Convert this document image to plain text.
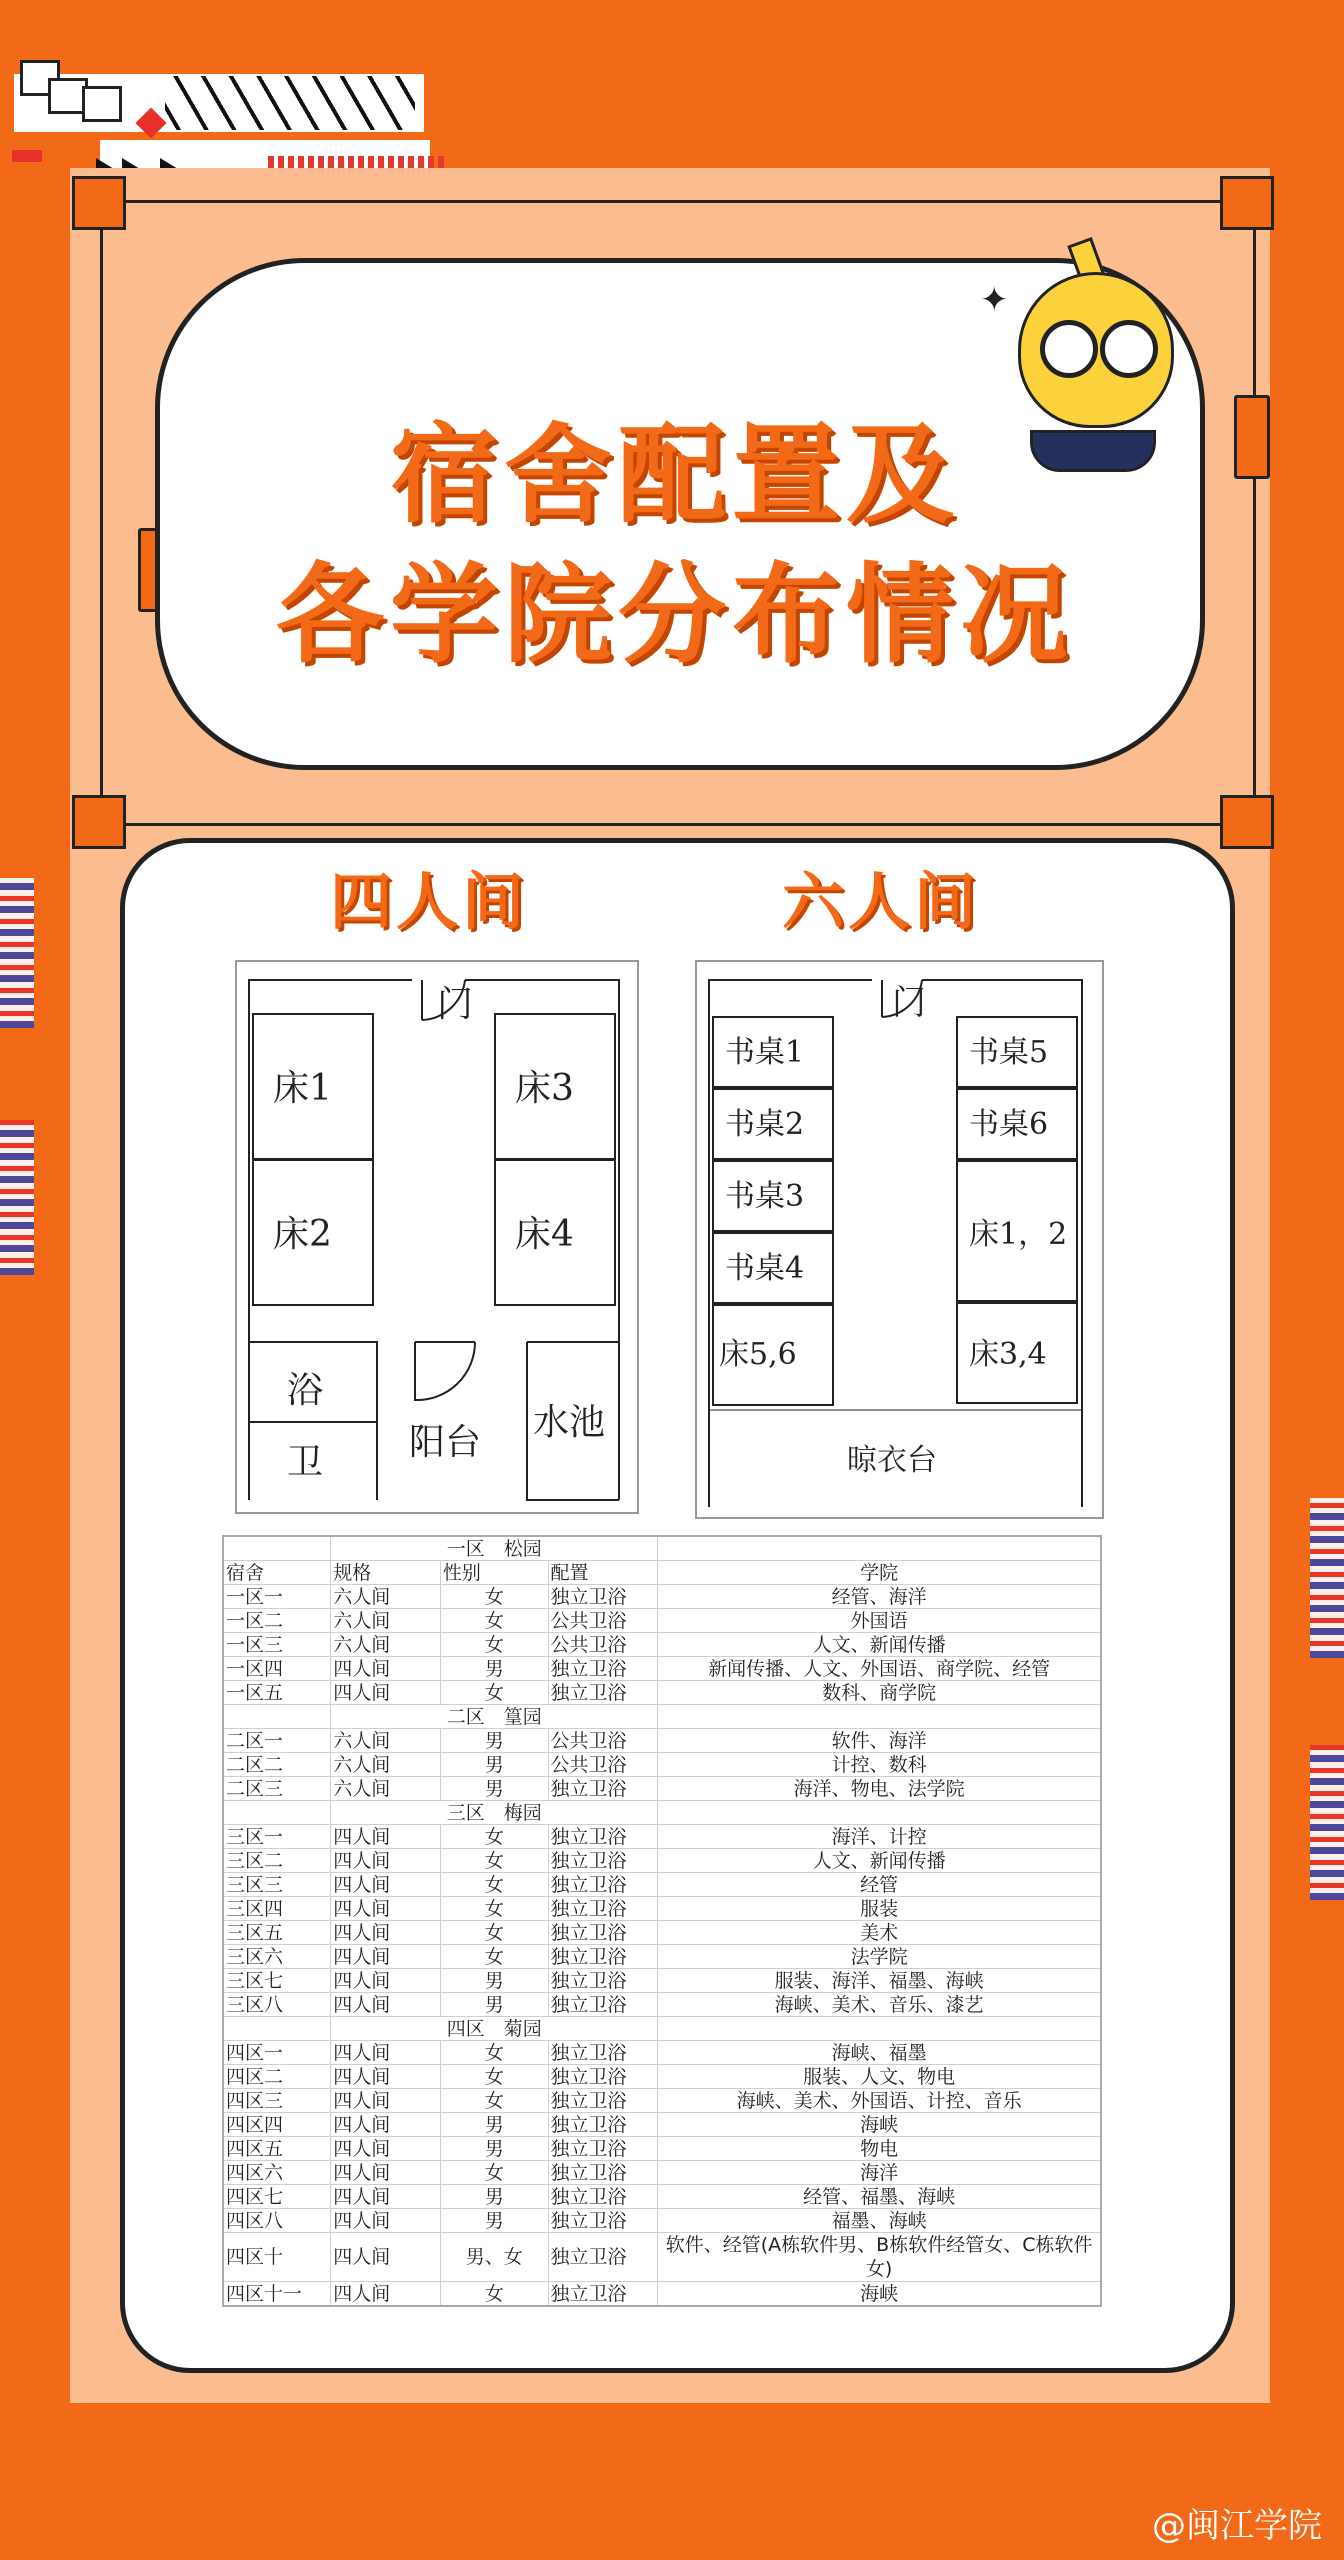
宿舍配置及
各学院分布情况
✦
四人间	六人间
门
床1
床2
床3
床4
浴
卫 阳台 水池
门
书桌1
书桌2
书桌3
书桌4
床5,6
书桌5
书桌6
床1，2
床3,4
晾衣台
	一区　 松园			
宿舍	规格	性别	配置	学院
一区一	六人间	女	独立卫浴	经管、海洋
一区二	六人间	女	公共卫浴	外国语
一区三	六人间	女	公共卫浴	人文、新闻传播
一区四	四人间	男	独立卫浴	新闻传播、人文、外国语、商学院、经管
一区五	四人间	女	独立卫浴	数科、商学院
	二区　 篁园			
二区一	六人间	男	公共卫浴	软件、海洋
二区二	六人间	男	公共卫浴	计控、数科
二区三	六人间	男	独立卫浴	海洋、物电、法学院
	三区　 梅园			
三区一	四人间	女	独立卫浴	海洋、计控
三区二	四人间	女	独立卫浴	人文、新闻传播
三区三	四人间	女	独立卫浴	经管
三区四	四人间	女	独立卫浴	服装
三区五	四人间	女	独立卫浴	美术
三区六	四人间	女	独立卫浴	法学院
三区七	四人间	男	独立卫浴	服装、海洋、福墨、海峡
三区八	四人间	男	独立卫浴	海峡、美术、音乐、漆艺
	四区　 菊园			
四区一	四人间	女	独立卫浴	海峡、福墨
四区二	四人间	女	独立卫浴	服装、人文、物电
四区三	四人间	女	独立卫浴	海峡、美术、外国语、计控、音乐
四区四	四人间	男	独立卫浴	海峡
四区五	四人间	男	独立卫浴	物电
四区六	四人间	女	独立卫浴	海洋
四区七	四人间	男	独立卫浴	经管、福墨、海峡
四区八	四人间	男	独立卫浴	福墨、海峡
四区十	四人间	男、女	独立卫浴	软件、经管(A栋软件男、B栋软件经管女、C栋软件女)
四区十一	四人间	女	独立卫浴	海峡
@闽江学院
